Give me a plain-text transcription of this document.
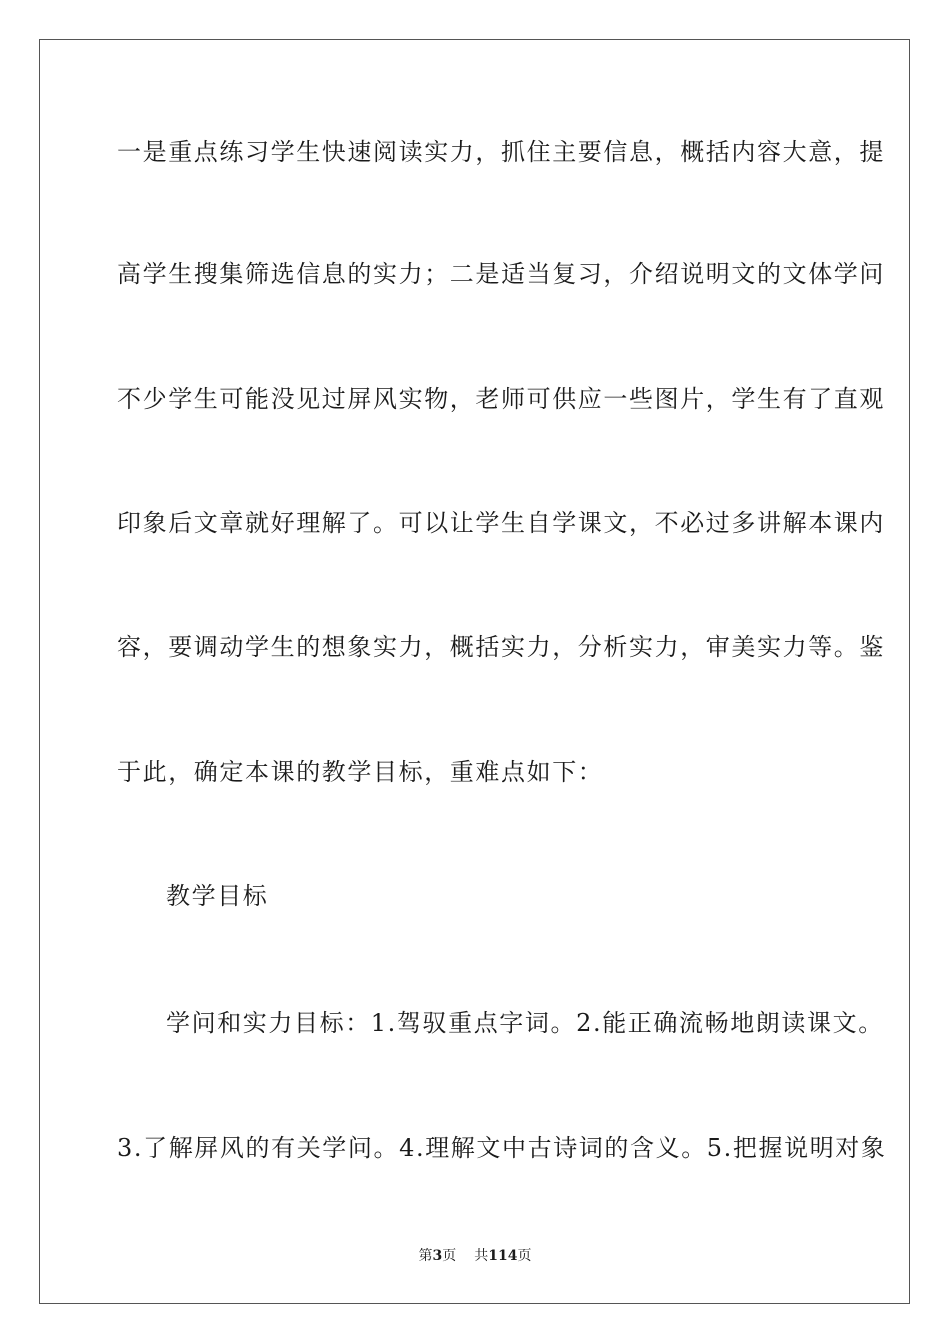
一是重点练习学生快速阅读实力，抓住主要信息，概括内容大意，提
高学生搜集筛选信息的实力；二是适当复习，介绍说明文的文体学问
不少学生可能没见过屏风实物，老师可供应一些图片，学生有了直观
印象后文章就好理解了。可以让学生自学课文，不必过多讲解本课内
容，要调动学生的想象实力，概括实力，分析实力，审美实力等。鉴
于此，确定本课的教学目标，重难点如下：
教学目标
学问和实力目标：1.驾驭重点字词。2.能正确流畅地朗读课文。
3.了解屏风的有关学问。4.理解文中古诗词的含义。5.把握说明对象
第3页 共114页
